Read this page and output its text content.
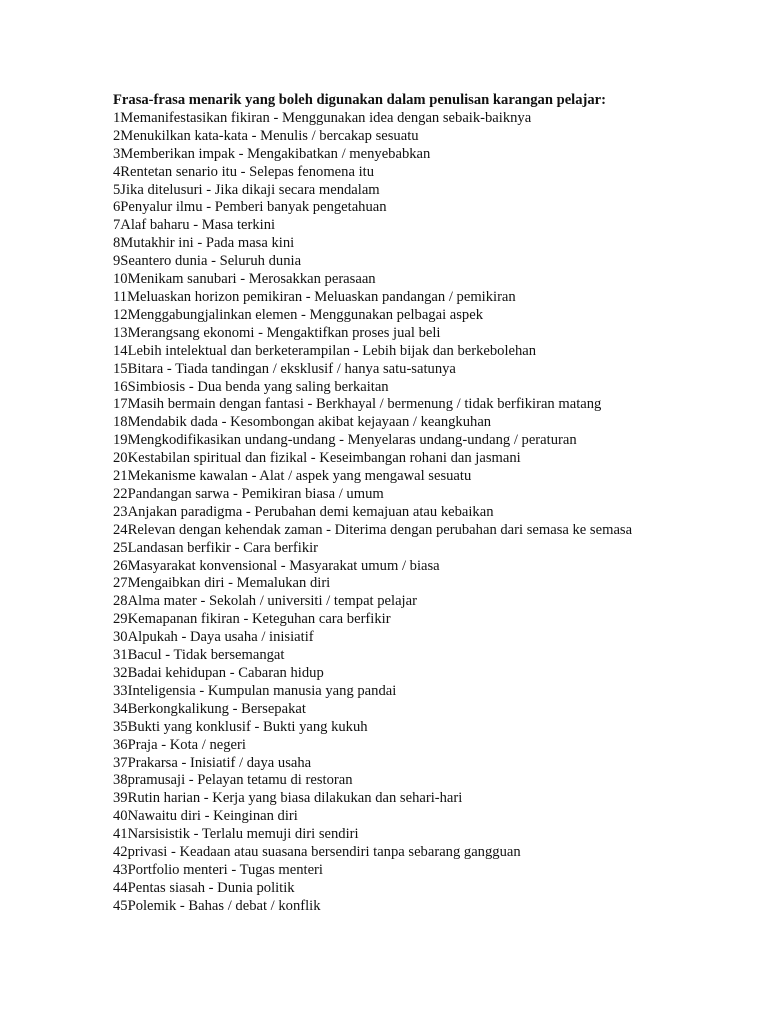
Frasa-frasa menarik yang boleh digunakan dalam penulisan karangan pelajar:

1Memanifestasikan fikiran - Menggunakan idea dengan sebaik-baiknya
2Menukilkan kata-kata - Menulis / bercakap sesuatu
3Memberikan impak - Mengakibatkan / menyebabkan
4Rentetan senario itu - Selepas fenomena itu
5Jika ditelusuri - Jika dikaji secara mendalam
6Penyalur ilmu - Pemberi banyak pengetahuan
7Alaf baharu - Masa terkini
8Mutakhir ini - Pada masa kini
9Seantero dunia - Seluruh dunia
10Menikam sanubari - Merosakkan perasaan
11Meluaskan horizon pemikiran - Meluaskan pandangan / pemikiran
12Menggabungjalinkan elemen - Menggunakan pelbagai aspek
13Merangsang ekonomi - Mengaktifkan proses jual beli
14Lebih intelektual dan berketerampilan - Lebih bijak dan berkebolehan
15Bitara - Tiada tandingan / eksklusif / hanya satu-satunya
16Simbiosis - Dua benda yang saling berkaitan
17Masih bermain dengan fantasi - Berkhayal / bermenung / tidak berfikiran matang
18Mendabik dada - Kesombongan akibat kejayaan / keangkuhan
19Mengkodifikasikan undang-undang - Menyelaras undang-undang / peraturan
20Kestabilan spiritual dan fizikal - Keseimbangan rohani dan jasmani
21Mekanisme kawalan - Alat / aspek yang mengawal sesuatu
22Pandangan sarwa - Pemikiran biasa / umum
23Anjakan paradigma - Perubahan demi kemajuan atau kebaikan
24Relevan dengan kehendak zaman - Diterima dengan perubahan dari semasa ke semasa
25Landasan berfikir - Cara berfikir
26Masyarakat konvensional - Masyarakat umum / biasa
27Mengaibkan diri - Memalukan diri
28Alma mater - Sekolah / universiti / tempat pelajar
29Kemapanan fikiran - Keteguhan cara berfikir
30Alpukah - Daya usaha / inisiatif
31Bacul - Tidak bersemangat
32Badai kehidupan - Cabaran hidup
33Inteligensia - Kumpulan manusia yang pandai
34Berkongkalikung - Bersepakat
35Bukti yang konklusif - Bukti yang kukuh
36Praja - Kota / negeri
37Prakarsa - Inisiatif / daya usaha
38pramusaji - Pelayan tetamu di restoran
39Rutin harian - Kerja yang biasa dilakukan dan sehari-hari
40Nawaitu diri - Keinginan diri
41Narsisistik - Terlalu memuji diri sendiri
42privasi - Keadaan atau suasana bersendiri tanpa sebarang gangguan
43Portfolio menteri - Tugas menteri
44Pentas siasah - Dunia politik
45Polemik - Bahas / debat / konflik
